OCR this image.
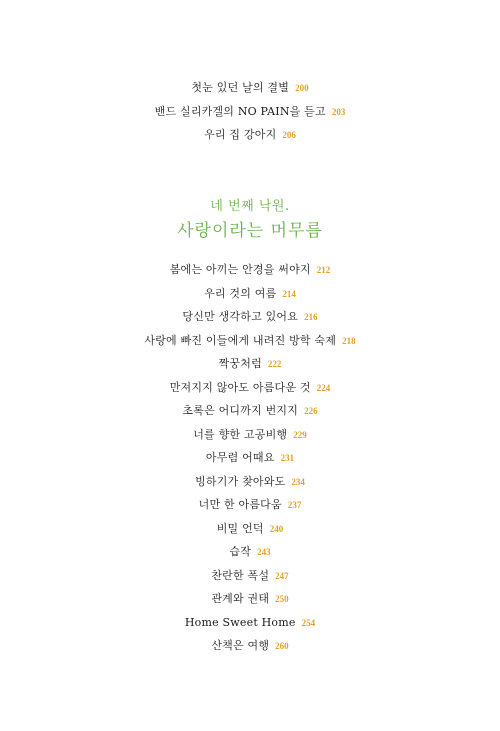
첫눈 있던 날의 결별 200
밴드 실리카겔의 NO PAIN을 듣고 203
우리 집 강아지 206
네 번째 낙원.
사랑이라는 머무름
봄에는 아끼는 안경을 써야지 212
우리 것의 여름 214
당신만 생각하고 있어요 216
사랑에 빠진 이들에게 내려진 방학 숙제 218
짝꿍처럼 222
만져지지 않아도 아름다운 것 224
초록은 어디까지 번지지 226
너를 향한 고공비행 229
아무렴 어때요 231
빙하기가 찾아와도 234
너만 한 아름다움 237
비밀 언덕 240
습작 243
찬란한 폭설 247
관계와 권태 250
Home Sweet Home 254
산책은 여행 260
